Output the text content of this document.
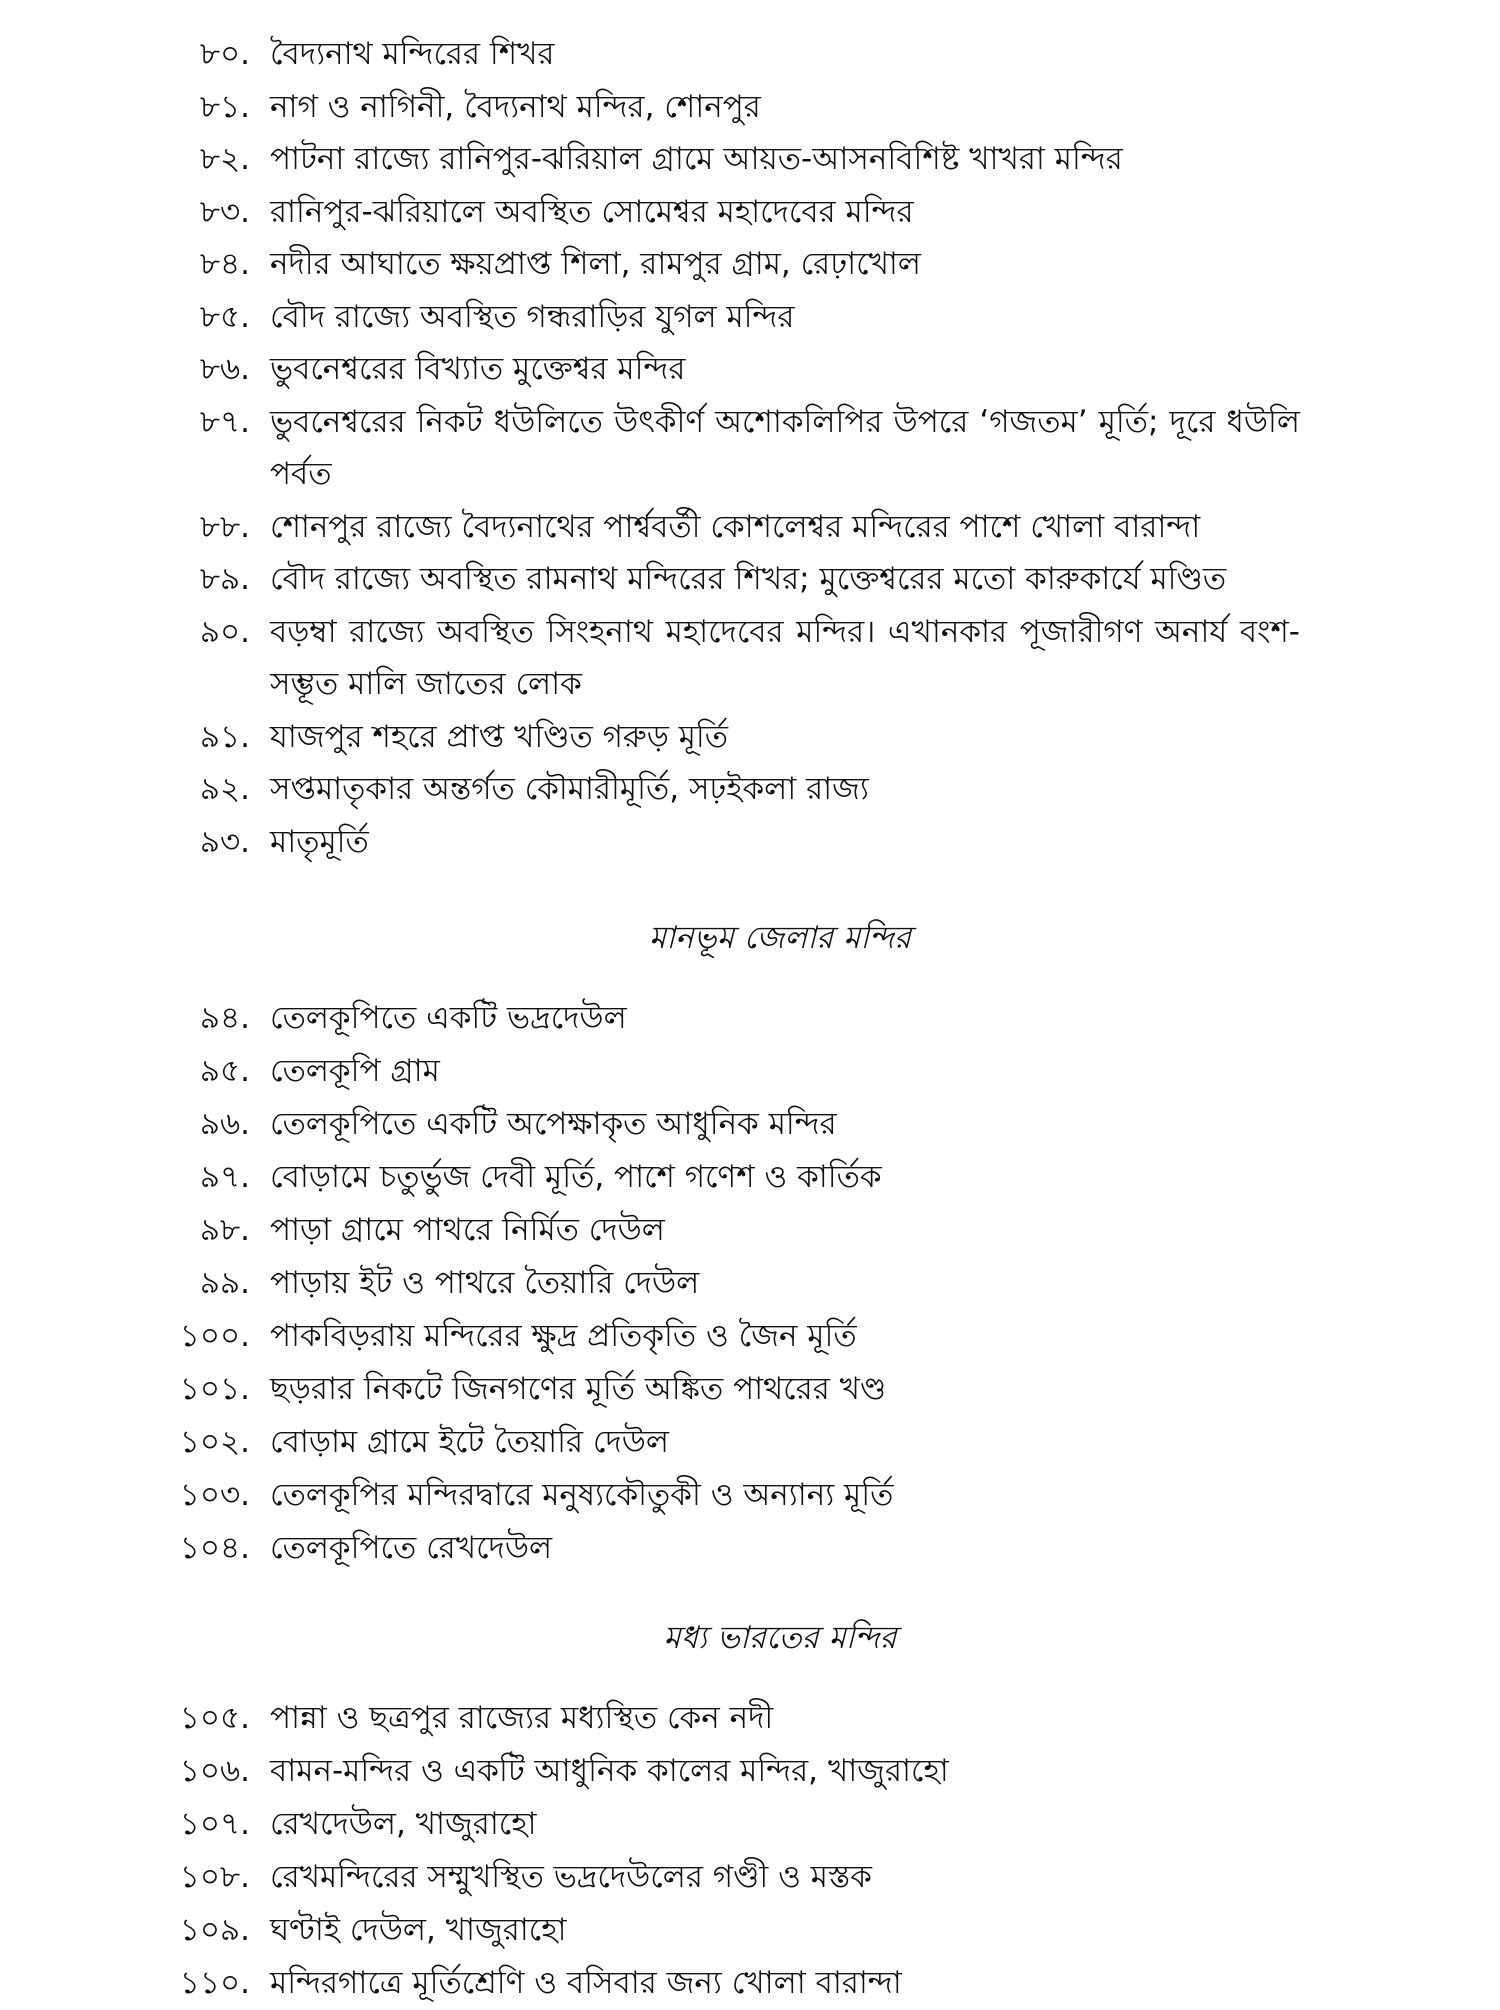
৮০. বৈদ্যনাথ মন্দিরের শিখর
৮১. নাগ ও নাগিনী, বৈদ্যনাথ মন্দির, শোনপুর
৮২. পাটনা রাজ্যে রানিপুর-ঝরিয়াল গ্রামে আয়ত-আসনবিশিষ্ট খাখরা মন্দির
৮৩. রানিপুর-ঝরিয়ালে অবস্থিত সোমেশ্বর মহাদেবের মন্দির
৮৪. নদীর আঘাতে ক্ষয়প্রাপ্ত শিলা, রামপুর গ্রাম, রেঢ়াখোল
৮৫. বৌদ রাজ্যে অবস্থিত গন্ধরাড়ির যুগল মন্দির
৮৬. ভুবনেশ্বরের বিখ্যাত মুক্তেশ্বর মন্দির
৮৭. ভুবনেশ্বরের নিকট ধউলিতে উৎকীর্ণ অশোকলিপির উপরে ‘গজতম’ মূর্তি; দূরে ধউলি পর্বত
৮৮. শোনপুর রাজ্যে বৈদ্যনাথের পার্শ্ববর্তী কোশলেশ্বর মন্দিরের পাশে খোলা বারান্দা
৮৯. বৌদ রাজ্যে অবস্থিত রামনাথ মন্দিরের শিখর; মুক্তেশ্বরের মতো কারুকার্যে মণ্ডিত
৯০. বড়ম্বা রাজ্যে অবস্থিত সিংহনাথ মহাদেবের মন্দির। এখানকার পূজারীগণ অনার্য বংশ-সম্ভূত মালি জাতের লোক
৯১. যাজপুর শহরে প্রাপ্ত খণ্ডিত গরুড় মূর্তি
৯২. সপ্তমাতৃকার অন্তর্গত কৌমারীমূর্তি, সঢ়ইকলা রাজ্য
৯৩. মাতৃমূর্তি
মানভূম জেলার মন্দির
৯৪. তেলকূপিতে একটি ভদ্রদেউল
৯৫. তেলকূপি গ্রাম
৯৬. তেলকূপিতে একটি অপেক্ষাকৃত আধুনিক মন্দির
৯৭. বোড়ামে চতুর্ভুজ দেবী মূর্তি, পাশে গণেশ ও কার্তিক
৯৮. পাড়া গ্রামে পাথরে নির্মিত দেউল
৯৯. পাড়ায় ইট ও পাথরে তৈয়ারি দেউল
১০০. পাকবিড়রায় মন্দিরের ক্ষুদ্র প্রতিকৃতি ও জৈন মূর্তি
১০১. ছড়রার নিকটে জিনগণের মূর্তি অঙ্কিত পাথরের খণ্ড
১০২. বোড়াম গ্রামে ইটে তৈয়ারি দেউল
১০৩. তেলকূপির মন্দিরদ্বারে মনুষ্যকৌতুকী ও অন্যান্য মূর্তি
১০৪. তেলকূপিতে রেখদেউল
মধ্য ভারতের মন্দির
১০৫. পান্না ও ছত্রপুর রাজ্যের মধ্যস্থিত কেন নদী
১০৬. বামন-মন্দির ও একটি আধুনিক কালের মন্দির, খাজুরাহো
১০৭. রেখদেউল, খাজুরাহো
১০৮. রেখমন্দিরের সম্মুখস্থিত ভদ্রদেউলের গণ্ডী ও মস্তক
১০৯. ঘণ্টাই দেউল, খাজুরাহো
১১০. মন্দিরগাত্রে মূর্তিশ্রেণি ও বসিবার জন্য খোলা বারান্দা
